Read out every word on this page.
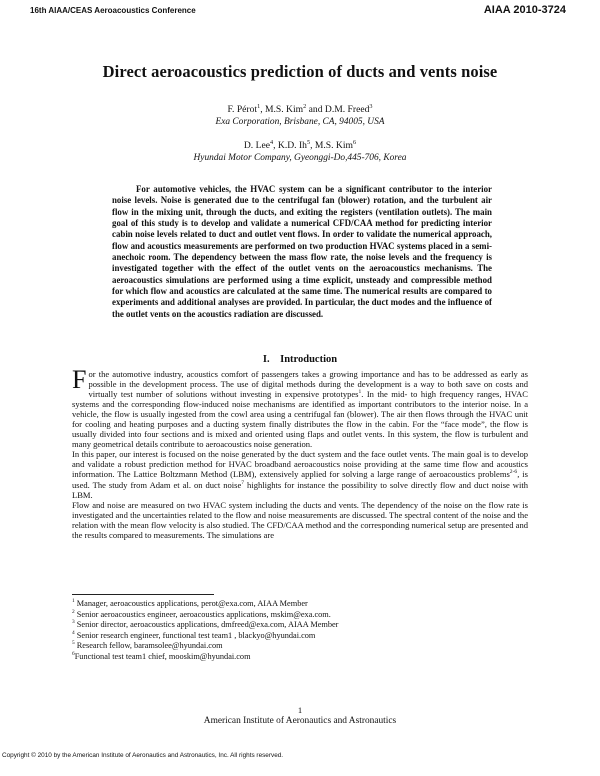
16th AIAA/CEAS Aeroacoustics Conference	AIAA 2010-3724
Direct aeroacoustics prediction of ducts and vents noise
F. Pérot$^1$, M.S. Kim$^2$ and D.M. Freed$^3$
Exa Corporation, Brisbane, CA, 94005, USA
D. Lee$^4$, K.D. Ih$^5$, M.S. Kim$^6$
Hyundai Motor Company, Gyeonggi-Do,445-706, Korea

For automotive vehicles, the HVAC system can be a significant contributor to the interior noise levels. Noise is generated due to the centrifugal fan (blower) rotation, and the turbulent air flow in the mixing unit, through the ducts, and exiting the registers (ventilation outlets). The main goal of this study is to develop and validate a numerical CFD/CAA method for predicting interior cabin noise levels related to duct and outlet vent flows. In order to validate the numerical approach, flow and acoustics measurements are performed on two production HVAC systems placed in a semi-anechoic room. The dependency between the mass flow rate, the noise levels and the frequency is investigated together with the effect of the outlet vents on the aeroacoustics mechanisms. The aeroacoustics simulations are performed using a time explicit, unsteady and compressible method for which flow and acoustics are calculated at the same time. The numerical results are compared to experiments and additional analyses are provided. In particular, the duct modes and the influence of the outlet vents on the acoustics radiation are discussed.

I. Introduction

For the automotive industry, acoustics comfort of passengers takes a growing importance and has to be addressed as early as possible in the development process. The use of digital methods during the development is a way to both save on costs and virtually test number of solutions without investing in expensive prototypes$^1$. In the mid- to high frequency ranges, HVAC systems and the corresponding flow-induced noise mechanisms are identified as important contributors to the interior noise. In a vehicle, the flow is usually ingested from the cowl area using a centrifugal fan (blower). The air then flows through the HVAC unit for cooling and heating purposes and a ducting system finally distributes the flow in the cabin. For the “face mode”, the flow is usually divided into four sections and is mixed and oriented using flaps and outlet vents. In this system, the flow is turbulent and many geometrical details contribute to aeroacoustics noise generation.

In this paper, our interest is focused on the noise generated by the duct system and the face outlet vents. The main goal is to develop and validate a robust prediction method for HVAC broadband aeroacoustics noise providing at the same time flow and acoustics information. The Lattice Boltzmann Method (LBM), extensively applied for solving a large range of aeroacoustics problems$^{2-6}$, is used. The study from Adam et al. on duct noise$^7$ highlights for instance the possibility to solve directly flow and duct noise with LBM.

Flow and noise are measured on two HVAC system including the ducts and vents. The dependency of the noise on the flow rate is investigated and the uncertainties related to the flow and noise measurements are discussed. The spectral content of the noise and the relation with the mean flow velocity is also studied. The CFD/CAA method and the corresponding numerical setup are presented and the results compared to measurements. The simulations are

$^1$ Manager, aeroacoustics applications, perot@exa.com, AIAA Member
$^2$ Senior aeroacoustics engineer, aeroacoustics applications, mskim@exa.com.
$^3$ Senior director, aeroacoustics applications, dmfreed@exa.com, AIAA Member
$^4$ Senior research engineer, functional test team1 , blackyo@hyundai.com
$^5$ Research fellow, baramsolee@hyundai.com
$^6$Functional test team1 chief, mooskim@hyundai.com
1
American Institute of Aeronautics and Astronautics
Copyright © 2010 by the American Institute of Aeronautics and Astronautics, Inc. All rights reserved.
